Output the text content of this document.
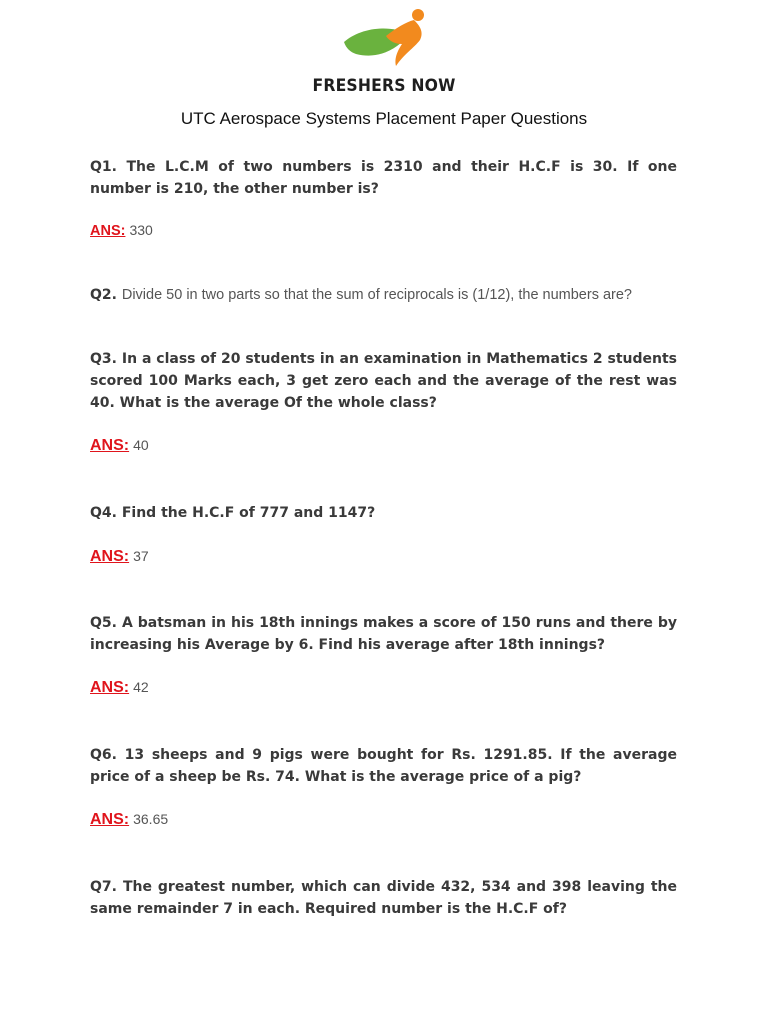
FRESHERS NOW
UTC Aerospace Systems Placement Paper Questions
Q1. The L.C.M of two numbers is 2310 and their H.C.F is 30. If one number is 210, the other number is?
ANS: 330
Q2. Divide 50 in two parts so that the sum of reciprocals is (1/12), the numbers are?
Q3. In a class of 20 students in an examination in Mathematics 2 students scored 100 Marks each, 3 get zero each and the average of the rest was 40. What is the average Of the whole class?
ANS: 40
Q4. Find the H.C.F of 777 and 1147?
ANS: 37
Q5. A batsman in his 18th innings makes a score of 150 runs and there by increasing his Average by 6. Find his average after 18th innings?
ANS: 42
Q6. 13 sheeps and 9 pigs were bought for Rs. 1291.85. If the average price of a sheep be Rs. 74. What is the average price of a pig?
ANS: 36.65
Q7. The greatest number, which can divide 432, 534 and 398 leaving the same remainder 7 in each. Required number is the H.C.F of?
